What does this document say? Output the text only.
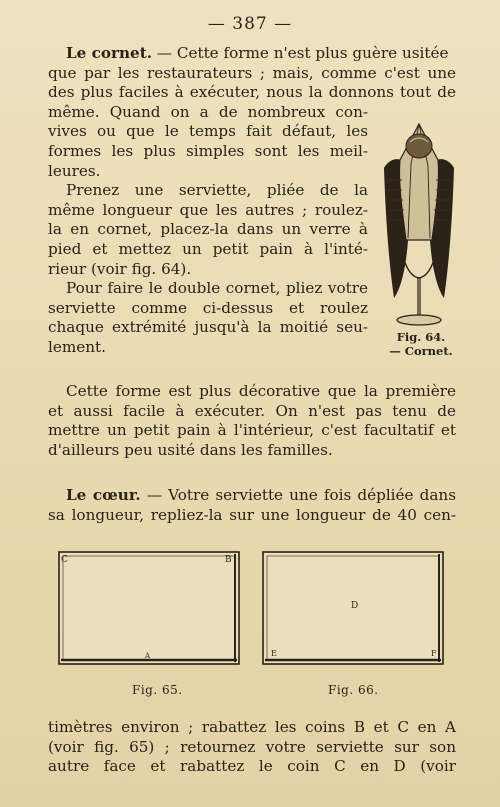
— 387 —

Le cornet. — Cette forme n'est plus guère usitée

que par les restaurateurs ; mais, comme c'est une

des plus faciles à exécuter, nous la donnons tout de

même. Quand on a de nombreux con-

vives ou que le temps fait défaut, les

formes les plus simples sont les meil-

leures.

Prenez une serviette, pliée de la

même longueur que les autres ; roulez-

la en cornet, placez-la dans un verre à

pied et mettez un petit pain à l'inté-

rieur (voir fig. 64).

Pour faire le double cornet, pliez votre

serviette comme ci-dessus et roulez

chaque extrémité jusqu'à la moitié seu-

lement.

Fig. 64.
— Cornet.

Cette forme est plus décorative que la première

et aussi facile à exécuter. On n'est pas tenu de

mettre un petit pain à l'intérieur, c'est facultatif et

d'ailleurs peu usité dans les familles.

Le cœur. — Votre serviette une fois dépliée dans

sa longueur, repliez-la sur une longueur de 40 cen-

C	B
A
D
E	F
Fig. 65.	Fig. 66.

timètres environ ; rabattez les coins B et C en A

(voir fig. 65) ; retournez votre serviette sur son

autre face et rabattez le coin C en D (voir
